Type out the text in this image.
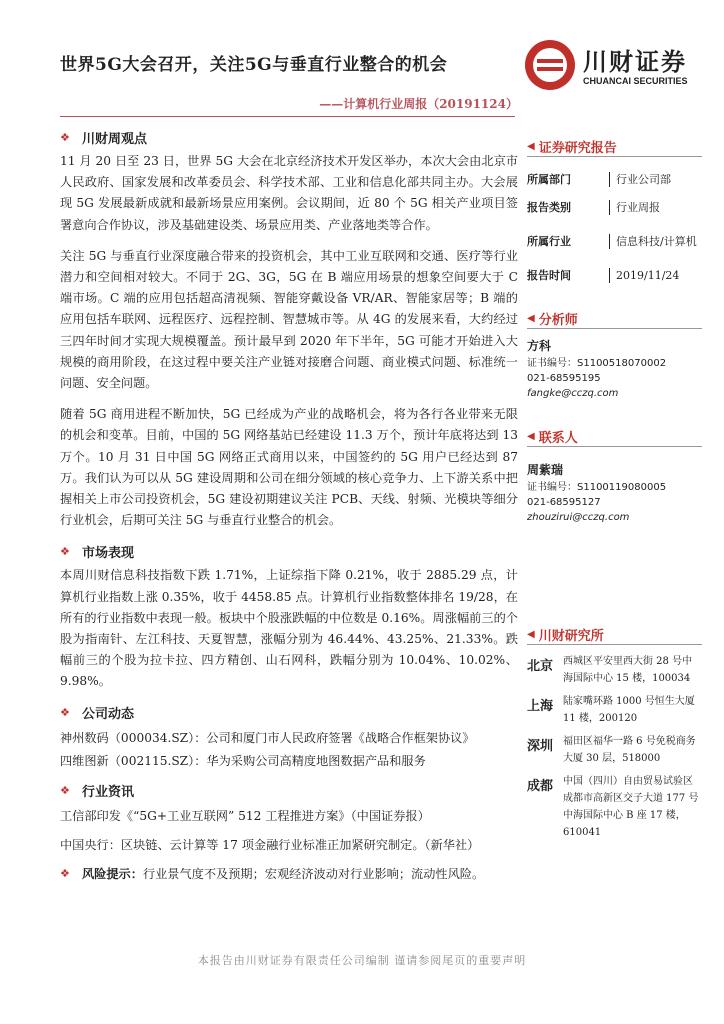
世界5G大会召开，关注5G与垂直行业整合的机会
——计算机行业周报（20191124）
川财证券
CHUANCAI SECURITIES
❖ 川财周观点

11 月 20 日至 23 日，世界 5G 大会在北京经济技术开发区举办，本次大会由北京市人民政府、国家发展和改革委员会、科学技术部、工业和信息化部共同主办。大会展现 5G 发展最新成就和最新场景应用案例。会议期间，近 80 个 5G 相关产业项目签署意向合作协议，涉及基础建设类、场景应用类、产业落地类等合作。

关注 5G 与垂直行业深度融合带来的投资机会，其中工业互联网和交通、医疗等行业潜力和空间相对较大。不同于 2G、3G，5G 在 B 端应用场景的想象空间要大于 C 端市场。C 端的应用包括超高清视频、智能穿戴设备 VR/AR、智能家居等；B 端的应用包括车联网、远程医疗、远程控制、智慧城市等。从 4G 的发展来看，大约经过三四年时间才实现大规模覆盖。预计最早到 2020 年下半年，5G 可能才开始进入大规模的商用阶段，在这过程中要关注产业链对接磨合问题、商业模式问题、标准统一问题、安全问题。

随着 5G 商用进程不断加快，5G 已经成为产业的战略机会，将为各行各业带来无限的机会和变革。目前，中国的 5G 网络基站已经建设 11.3 万个，预计年底将达到 13 万个。10 月 31 日中国 5G 网络正式商用以来，中国签约的 5G 用户已经达到 87 万。我们认为可以从 5G 建设周期和公司在细分领域的核心竞争力、上下游关系中把握相关上市公司投资机会，5G 建设初期建议关注 PCB、天线、射频、光模块等细分行业机会，后期可关注 5G 与垂直行业整合的机会。

❖ 市场表现

本周川财信息科技指数下跌 1.71%，上证综指下降 0.21%，收于 2885.29 点，计算机行业指数上涨 0.35%，收于 4458.85 点。计算机行业指数整体排名 19/28，在所有的行业指数中表现一般。板块中个股涨跌幅的中位数是 0.16%。周涨幅前三的个股为指南针、左江科技、天夏智慧，涨幅分别为 46.44%、43.25%、21.33%。跌幅前三的个股为拉卡拉、四方精创、山石网科，跌幅分别为 10.04%、10.02%、9.98%。

❖ 公司动态
神州数码（000034.SZ）：公司和厦门市人民政府签署《战略合作框架协议》
四维图新（002115.SZ）：华为采购公司高精度地图数据产品和服务
❖ 行业资讯
工信部印发《“5G+工业互联网” 512 工程推进方案》（中国证券报）
中国央行：区块链、云计算等 17 项金融行业标准正加紧研究制定。（新华社）
❖ 风险提示： 行业景气度不及预期；宏观经济波动对行业影响；流动性风险。
◀ 证券研究报告
所属部门	行业公司部
报告类别	行业周报
所属行业	信息科技/计算机
报告时间	2019/11/24
◀ 分析师
方科
证书编号：S1100518070002
021-68595195
fangke@cczq.com
◀ 联系人
周紫瑞
证书编号：S1100119080005
021-68595127
zhouzirui@cczq.com
◀ 川财研究所
北京 西城区平安里西大街 28 号中海国际中心 15 楼，100034
上海 陆家嘴环路 1000 号恒生大厦 11 楼，200120
深圳 福田区福华一路 6 号免税商务大厦 30 层，518000
成都 中国（四川）自由贸易试验区成都市高新区交子大道 177 号中海国际中心 B 座 17 楼，610041
本报告由川财证券有限责任公司编制 谨请参阅尾页的重要声明
